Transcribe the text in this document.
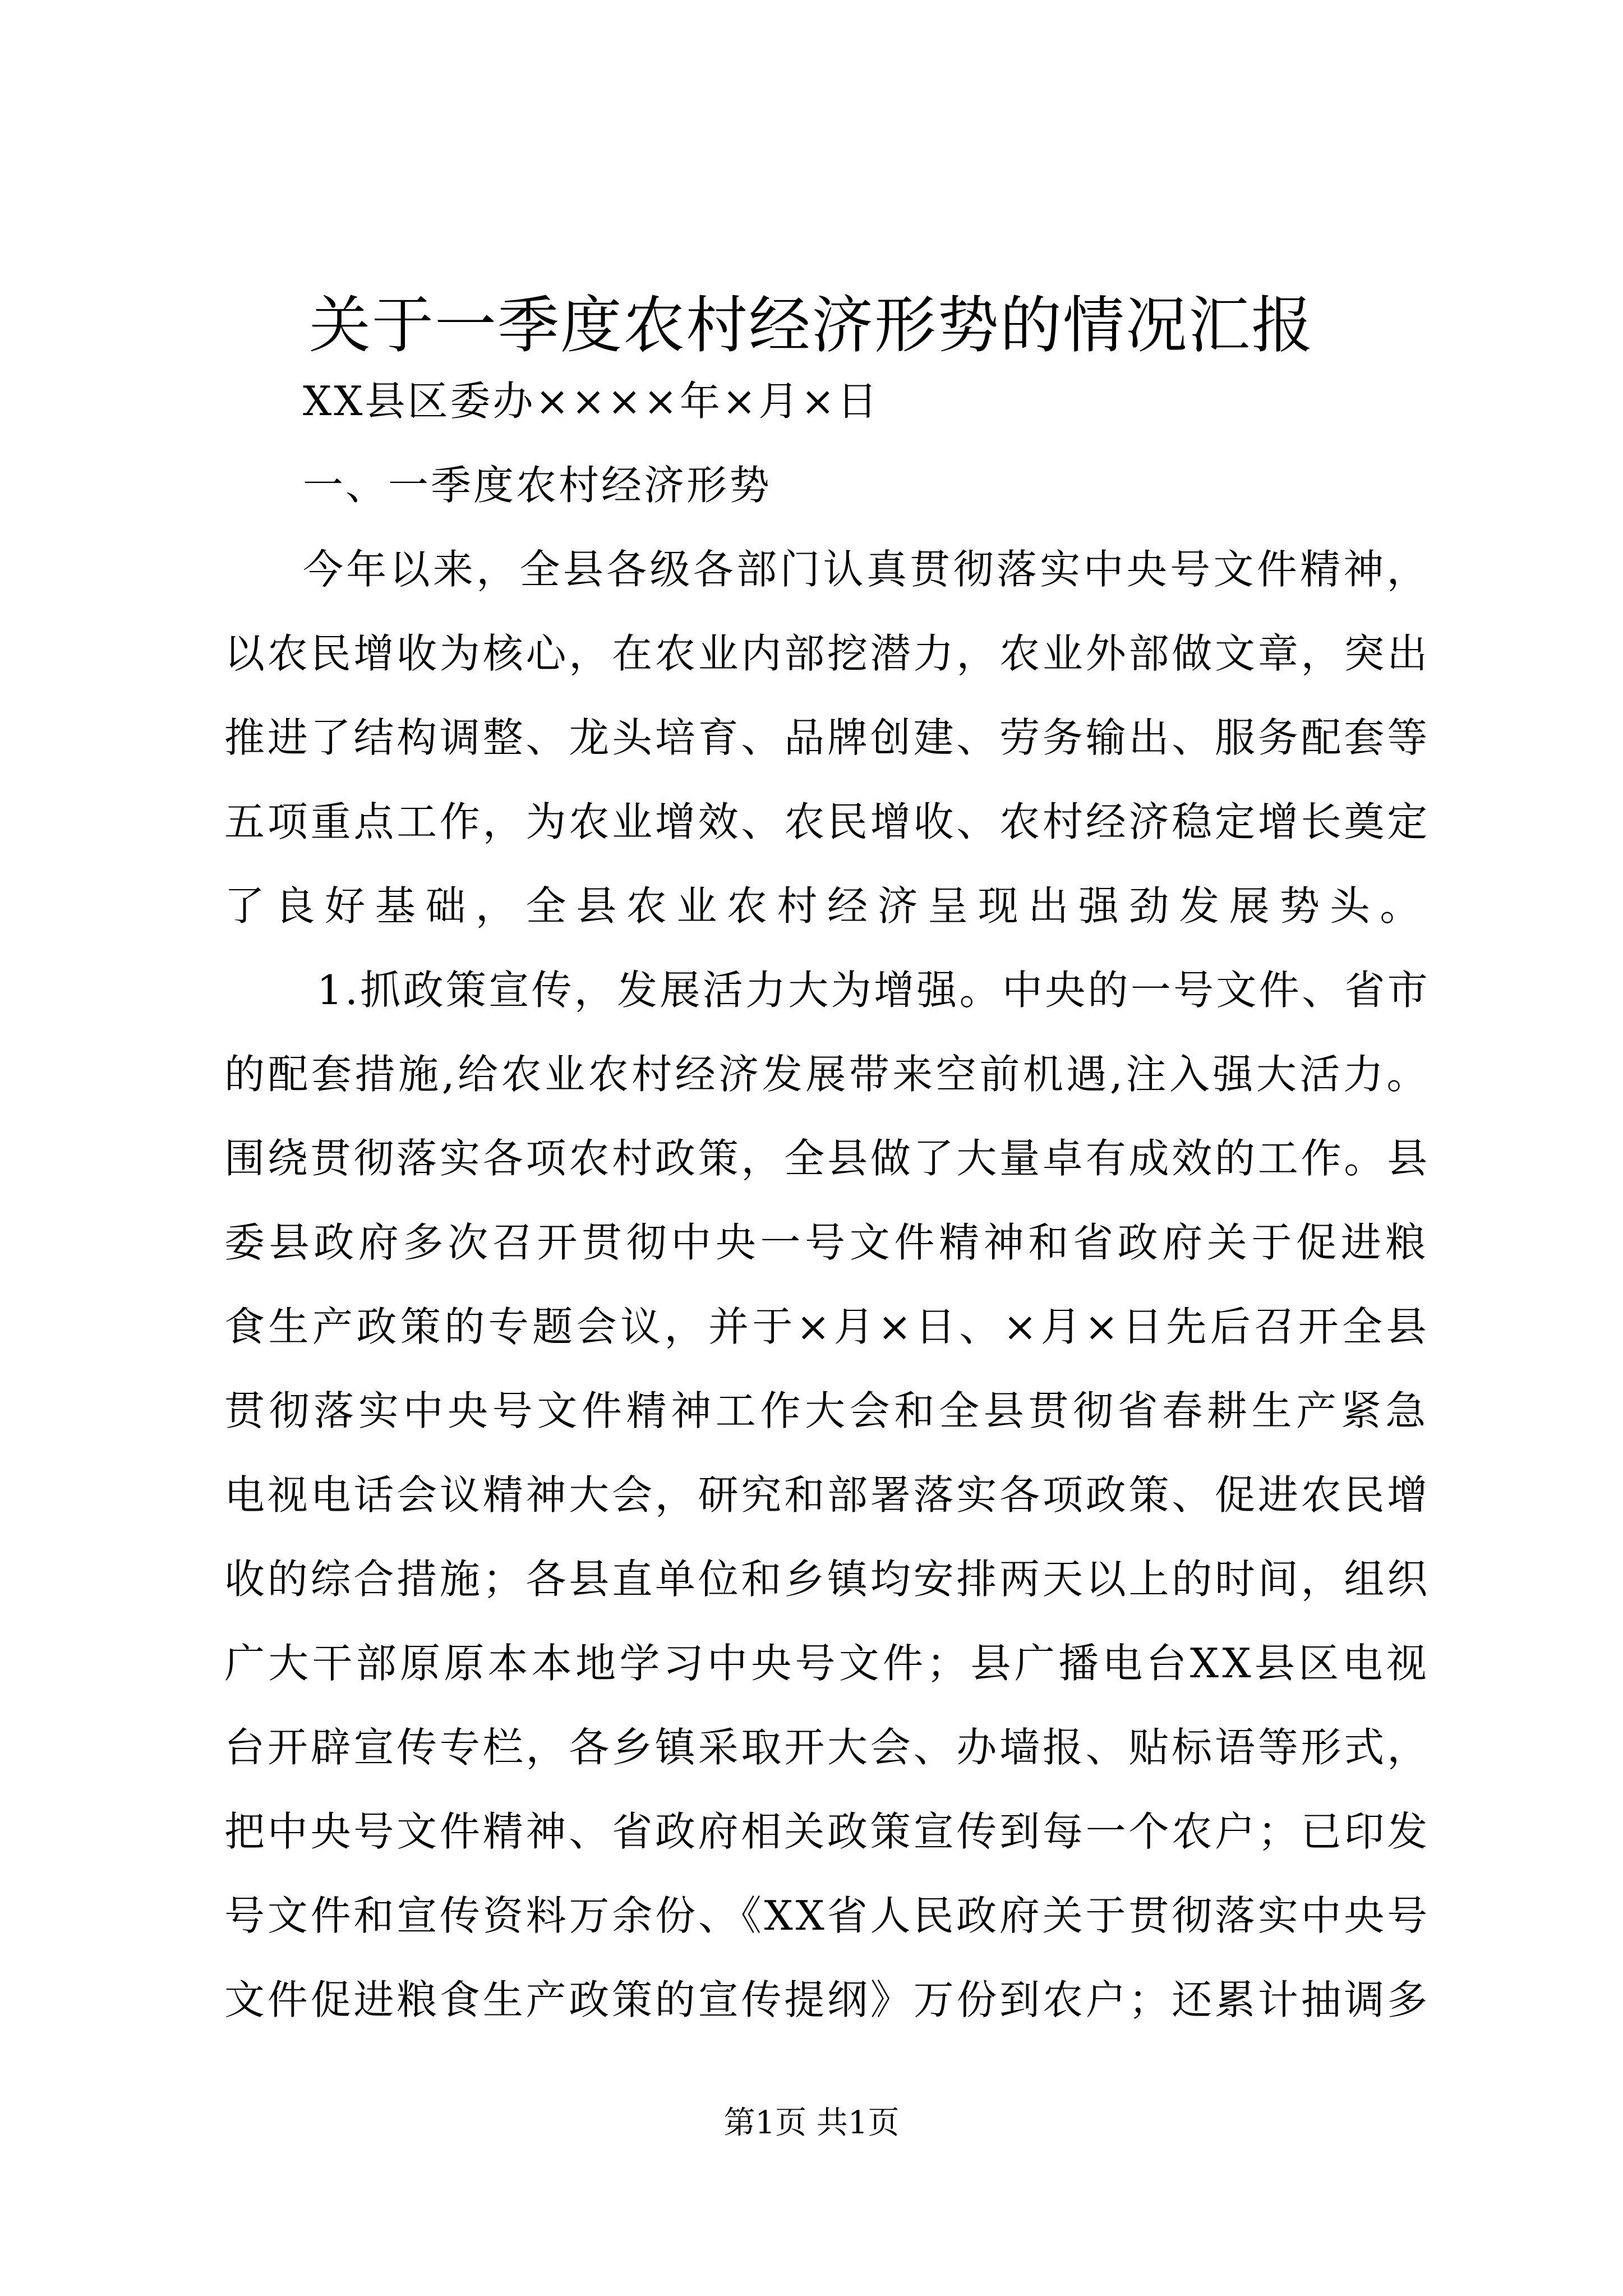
关于一季度农村经济形势的情况汇报
XX县区委办××××年×月×日
一、一季度农村经济形势
今年以来，全县各级各部门认真贯彻落实中央号文件精神，
以农民增收为核心，在农业内部挖潜力，农业外部做文章，突出
推进了结构调整、龙头培育、品牌创建、劳务输出、服务配套等
五项重点工作，为农业增效、农民增收、农村经济稳定增长奠定
了良好基础，全县农业农村经济呈现出强劲发展势头。
1.抓政策宣传，发展活力大为增强。中央的一号文件、省市
的配套措施,给农业农村经济发展带来空前机遇,注入强大活力。
围绕贯彻落实各项农村政策，全县做了大量卓有成效的工作。县
委县政府多次召开贯彻中央一号文件精神和省政府关于促进粮
食生产政策的专题会议，并于×月×日、×月×日先后召开全县
贯彻落实中央号文件精神工作大会和全县贯彻省春耕生产紧急
电视电话会议精神大会，研究和部署落实各项政策、促进农民增
收的综合措施；各县直单位和乡镇均安排两天以上的时间，组织
广大干部原原本本地学习中央号文件；县广播电台XX县区电视
台开辟宣传专栏，各乡镇采取开大会、办墙报、贴标语等形式，
把中央号文件精神、省政府相关政策宣传到每一个农户；已印发
号文件和宣传资料万余份、《XX省人民政府关于贯彻落实中央号
文件促进粮食生产政策的宣传提纲》万份到农户；还累计抽调多
第1页 共1页
